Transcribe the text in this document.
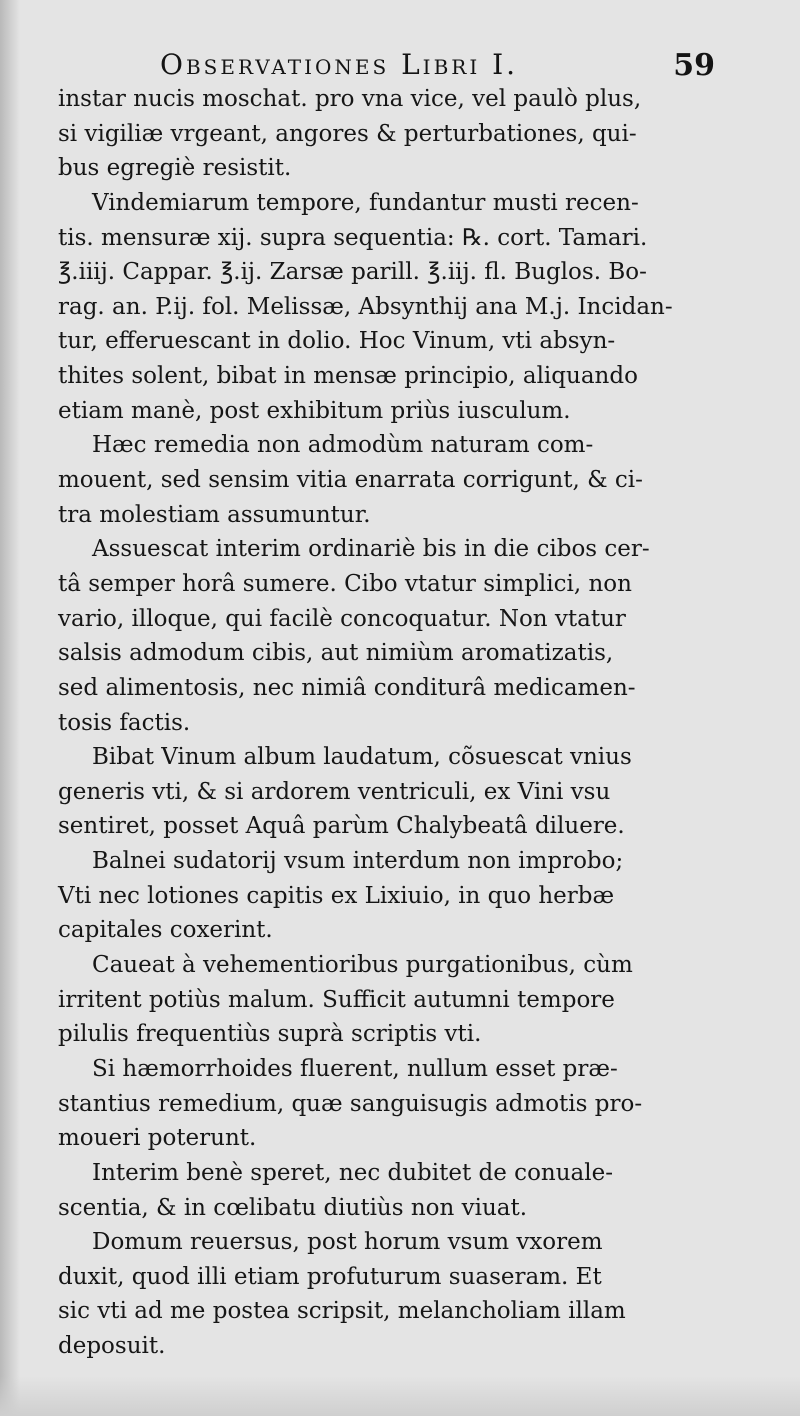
Observationes Libri I.	59
instar nucis moschat. pro vna vice, vel paulò plus,
si vigiliæ vrgeant, angores & perturbationes, qui-
bus egregiè resistit.
Vindemiarum tempore, fundantur musti recen-
tis. mensuræ xij. supra sequentia: ℞. cort. Tamari.
℥.iiij. Cappar. ℥.ij. Zarsæ parill. ℥.iij. fl. Buglos. Bo-
rag. an. P.ij. fol. Melissæ, Absynthij ana M.j. Incidan-
tur, efferuescant in dolio. Hoc Vinum, vti absyn-
thites solent, bibat in mensæ principio, aliquando
etiam manè, post exhibitum priùs iusculum.
Hæc remedia non admodùm naturam com-
mouent, sed sensim vitia enarrata corrigunt, & ci-
tra molestiam assumuntur.
Assuescat interim ordinariè bis in die cibos cer-
tâ semper horâ sumere. Cibo vtatur simplici, non
vario, illoque, qui facilè concoquatur. Non vtatur
salsis admodum cibis, aut nimiùm aromatizatis,
sed alimentosis, nec nimiâ conditurâ medicamen-
tosis factis.
Bibat Vinum album laudatum, cõsuescat vnius
generis vti, & si ardorem ventriculi, ex Vini vsu
sentiret, posset Aquâ parùm Chalybeatâ diluere.
Balnei sudatorij vsum interdum non improbo;
Vti nec lotiones capitis ex Lixiuio, in quo herbæ
capitales coxerint.
Caueat à vehementioribus purgationibus, cùm
irritent potiùs malum. Sufficit autumni tempore
pilulis frequentiùs suprà scriptis vti.
Si hæmorrhoides fluerent, nullum esset præ-
stantius remedium, quæ sanguisugis admotis pro-
moueri poterunt.
Interim benè speret, nec dubitet de conuale-
scentia, & in cœlibatu diutiùs non viuat.
Domum reuersus, post horum vsum vxorem
duxit, quod illi etiam profuturum suaseram. Et
sic vti ad me postea scripsit, melancholiam illam
deposuit.
